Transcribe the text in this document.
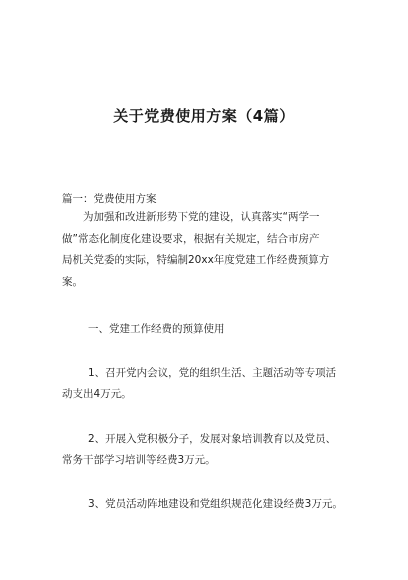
关于党费使用方案（4篇）
篇一：党费使用方案
为加强和改进新形势下党的建设，认真落实“两学一
做”常态化制度化建设要求，根据有关规定，结合市房产
局机关党委的实际，特编制20xx年度党建工作经费预算方
案。
一、党建工作经费的预算使用
1、召开党内会议，党的组织生活、主题活动等专项活
动支出4万元。
2、开展入党积极分子，发展对象培训教育以及党员、
常务干部学习培训等经费3万元。
3、党员活动阵地建设和党组织规范化建设经费3万元。
